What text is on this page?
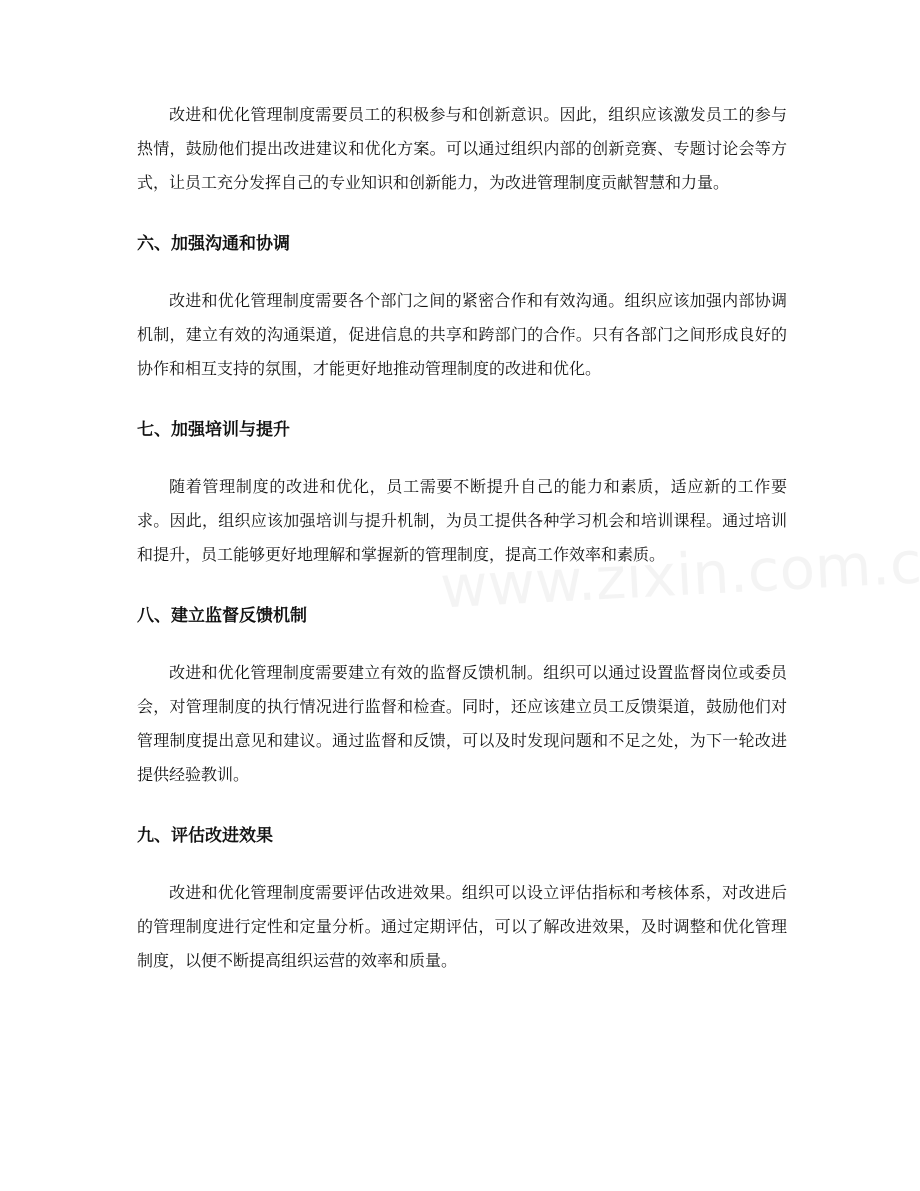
改进和优化管理制度需要员工的积极参与和创新意识。因此，组织应该激发员工的参与热情，鼓励他们提出改进建议和优化方案。可以通过组织内部的创新竞赛、专题讨论会等方式，让员工充分发挥自己的专业知识和创新能力，为改进管理制度贡献智慧和力量。

六、加强沟通和协调

改进和优化管理制度需要各个部门之间的紧密合作和有效沟通。组织应该加强内部协调机制，建立有效的沟通渠道，促进信息的共享和跨部门的合作。只有各部门之间形成良好的协作和相互支持的氛围，才能更好地推动管理制度的改进和优化。

七、加强培训与提升

随着管理制度的改进和优化，员工需要不断提升自己的能力和素质，适应新的工作要求。因此，组织应该加强培训与提升机制，为员工提供各种学习机会和培训课程。通过培训和提升，员工能够更好地理解和掌握新的管理制度，提高工作效率和素质。

八、建立监督反馈机制

改进和优化管理制度需要建立有效的监督反馈机制。组织可以通过设置监督岗位或委员会，对管理制度的执行情况进行监督和检查。同时，还应该建立员工反馈渠道，鼓励他们对管理制度提出意见和建议。通过监督和反馈，可以及时发现问题和不足之处，为下一轮改进提供经验教训。

九、评估改进效果

改进和优化管理制度需要评估改进效果。组织可以设立评估指标和考核体系，对改进后的管理制度进行定性和定量分析。通过定期评估，可以了解改进效果，及时调整和优化管理制度，以便不断提高组织运营的效率和质量。
